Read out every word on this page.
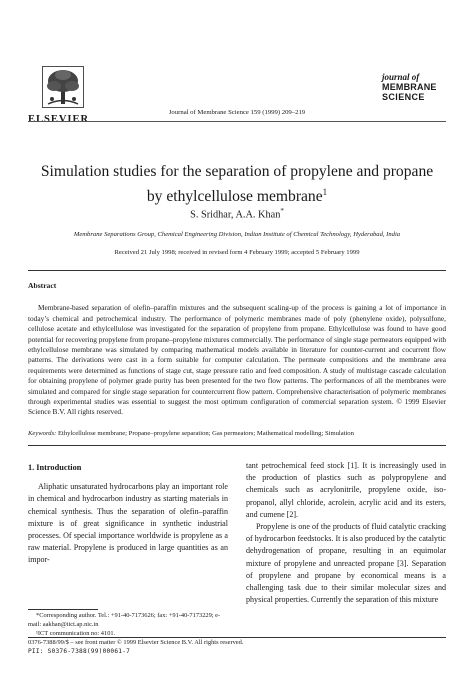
ELSEVIER
Journal of Membrane Science 159 (1999) 209–219
journal of
MEMBRANE
SCIENCE
Simulation studies for the separation of propylene and propane by ethylcellulose membrane$^1$
S. Sridhar, A.A. Khan*
Membrane Separations Group, Chemical Engineering Division, Indian Institute of Chemical Technology, Hyderabad, India
Received 21 July 1998; received in revised form 4 February 1999; accepted 5 February 1999
Abstract

Membrane-based separation of olefin–paraffin mixtures and the subsequent scaling-up of the process is gaining a lot of importance in today’s chemical and petrochemical industry. The performance of polymeric membranes made of poly (phenylene oxide), polysulfone, cellulose acetate and ethylcellulose was investigated for the separation of propylene from propane. Ethylcellulose was found to have good potential for recovering propylene from propane–propylene mixtures commercially. The performance of single stage permeators equipped with ethylcellulose membrane was simulated by comparing mathematical models available in literature for counter-current and cocurrent flow patterns. The derivations were cast in a form suitable for computer calculation. The permeate compositions and the membrane area requirements were determined as functions of stage cut, stage pressure ratio and feed composition. A study of multistage cascade calculation for obtaining propylene of polymer grade purity has been presented for the two flow patterns. The performances of all the membranes were simulated and compared for single stage separation for countercurrent flow pattern. Comprehensive characterisation of polymeric membranes through experimental studies was essential to suggest the most optimum configuration of commercial separation system. © 1999 Elsevier Science B.V. All rights reserved.

Keywords: Ethylcellulose membrane; Propane–propylene separation; Gas permeators; Mathematical modelling; Simulation
1. Introduction

Aliphatic unsaturated hydrocarbons play an important role in chemical and hydrocarbon industry as starting materials in chemical synthesis. Thus the separation of olefin–paraffin mixture is of great significance in synthetic industrial processes. Of special importance worldwide is propylene as a raw material. Propylene is produced in large quantities as an impor-

tant petrochemical feed stock [1]. It is increasingly used in the production of plastics such as polypropylene and chemicals such as acrylonitrile, propylene oxide, iso-propanol, allyl chloride, acrolein, acrylic acid and its esters, and cumene [2].

Propylene is one of the products of fluid catalytic cracking of hydrocarbon feedstocks. It is also produced by the catalytic dehydrogenation of propane, resulting in an equimolar mixture of propylene and unreacted propane [3]. Separation of propylene and propane by economical means is a challenging task due to their similar molecular sizes and physical properties. Currently the separation of this mixture

*Corresponding author. Tel.: +91-40-7173626; fax: +91-40-7173229; e-mail: aakhan@iict.ap.nic.in

¹ICT communication no: 4101.

0376-7388/99/$ – see front matter © 1999 Elsevier Science B.V. All rights reserved.
PII: S0376-7388(99)00061-7
